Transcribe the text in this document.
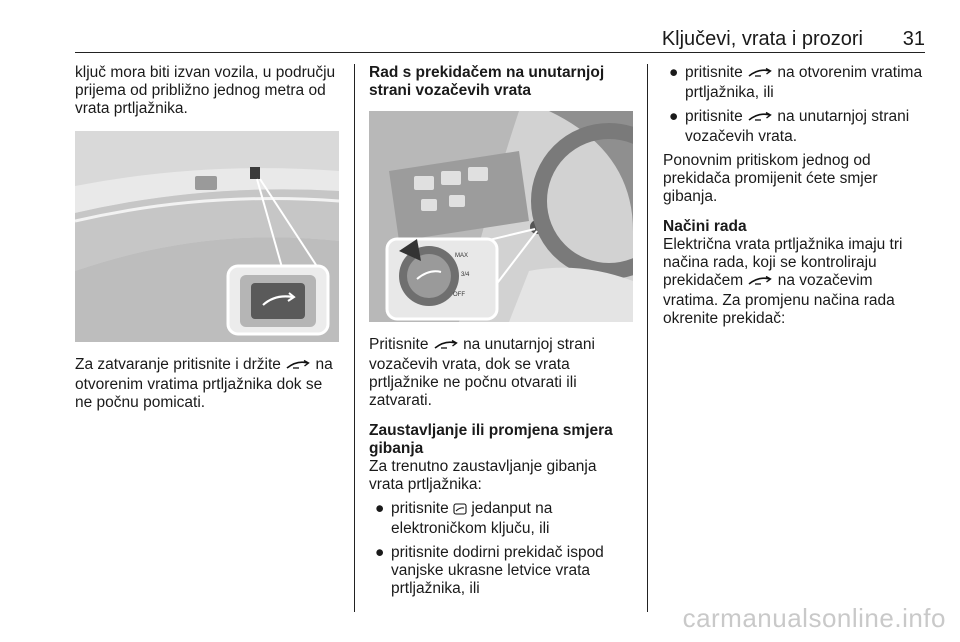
Ključevi, vrata i prozori 31

ključ mora biti izvan vozila, u području prijema od približno jednog metra od vrata prtljažnika.

Za zatvaranje pritisnite i držite na otvorenim vratima prtljažnika dok se ne počnu pomicati.

Rad s prekidačem na unutarnjoj strani vozačevih vrata

MAX
3/4
OFF

Pritisnite na unutarnjoj strani vozačevih vrata, dok se vrata prtljažnike ne počnu otvarati ili zatvarati.

Zaustavljanje ili promjena smjera gibanja

Za trenutno zaustavljanje gibanja vrata prtljažnika:

● pritisnite jedanput na elektroničkom ključu, ili
● pritisnite dodirni prekidač ispod vanjske ukrasne letvice vrata prtljažnika, ili
● pritisnite na otvorenim vratima prtljažnika, ili
● pritisnite na unutarnjoj strani vozačevih vrata.

Ponovnim pritiskom jednog od prekidača promijenit ćete smjer gibanja.

Načini rada

Električna vrata prtljažnika imaju tri načina rada, koji se kontroliraju prekidačem na vozačevim vratima. Za promjenu načina rada okrenite prekidač:

carmanualsonline.info
